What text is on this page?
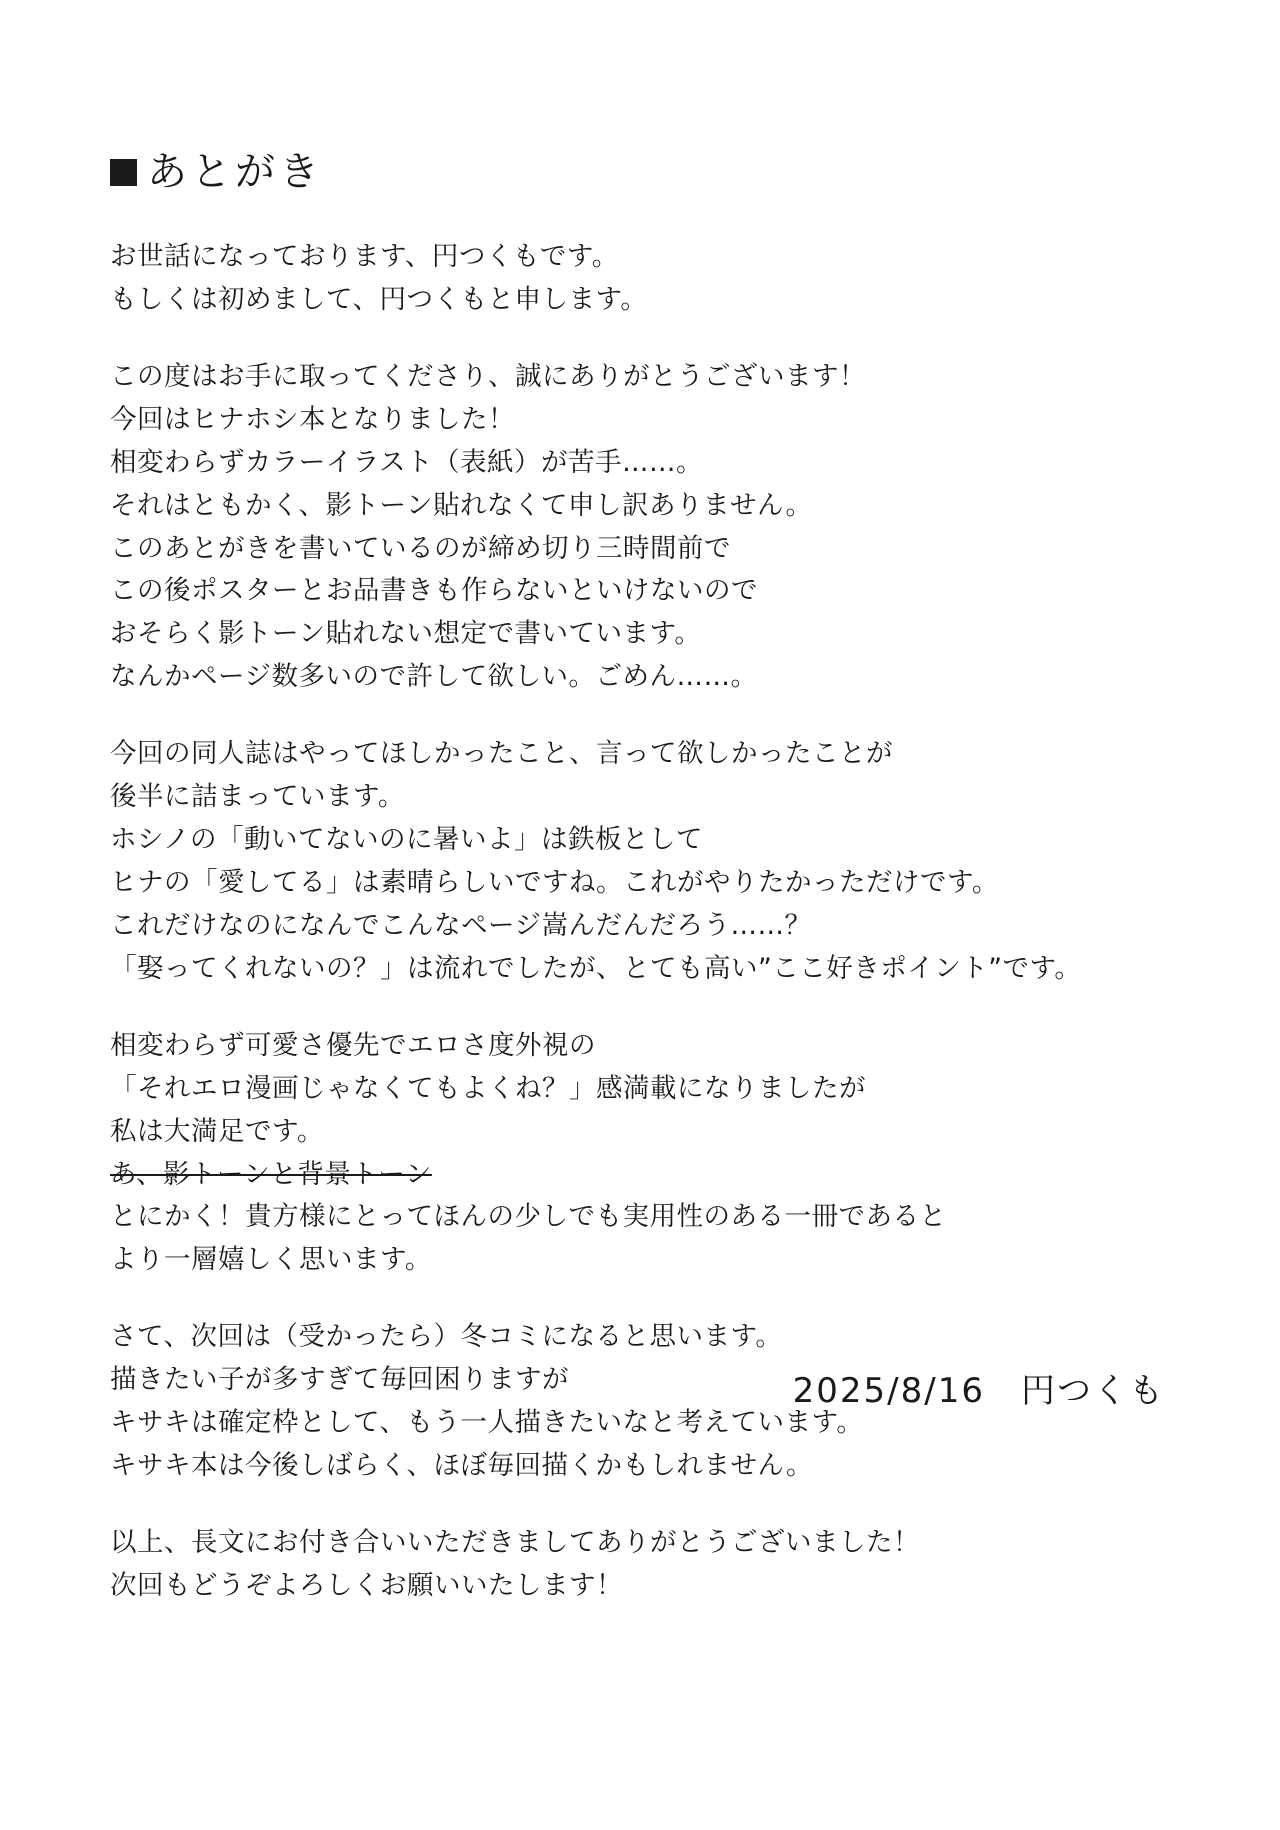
あとがき
お世話になっております、円つくもです。
もしくは初めまして、円つくもと申します。
この度はお手に取ってくださり、誠にありがとうございます！
今回はヒナホシ本となりました！
相変わらずカラーイラスト（表紙）が苦手……。
それはともかく、影トーン貼れなくて申し訳ありません。
このあとがきを書いているのが締め切り三時間前で
この後ポスターとお品書きも作らないといけないので
おそらく影トーン貼れない想定で書いています。
なんかページ数多いので許して欲しい。ごめん……。
今回の同人誌はやってほしかったこと、言って欲しかったことが
後半に詰まっています。
ホシノの「動いてないのに暑いよ」は鉄板として
ヒナの「愛してる」は素晴らしいですね。これがやりたかっただけです。
これだけなのになんでこんなページ嵩んだんだろう……？
「娶ってくれないの？」は流れでしたが、とても高い”ここ好きポイント”です。
相変わらず可愛さ優先でエロさ度外視の
「それエロ漫画じゃなくてもよくね？」感満載になりましたが
私は大満足です。
あ、影トーンと背景トーン
とにかく！貴方様にとってほんの少しでも実用性のある一冊であると
より一層嬉しく思います。
さて、次回は（受かったら）冬コミになると思います。
描きたい子が多すぎて毎回困りますが
キサキは確定枠として、もう一人描きたいなと考えています。
キサキ本は今後しばらく、ほぼ毎回描くかもしれません。
以上、長文にお付き合いいただきましてありがとうございました！
次回もどうぞよろしくお願いいたします！
2025/8/16　円つくも
